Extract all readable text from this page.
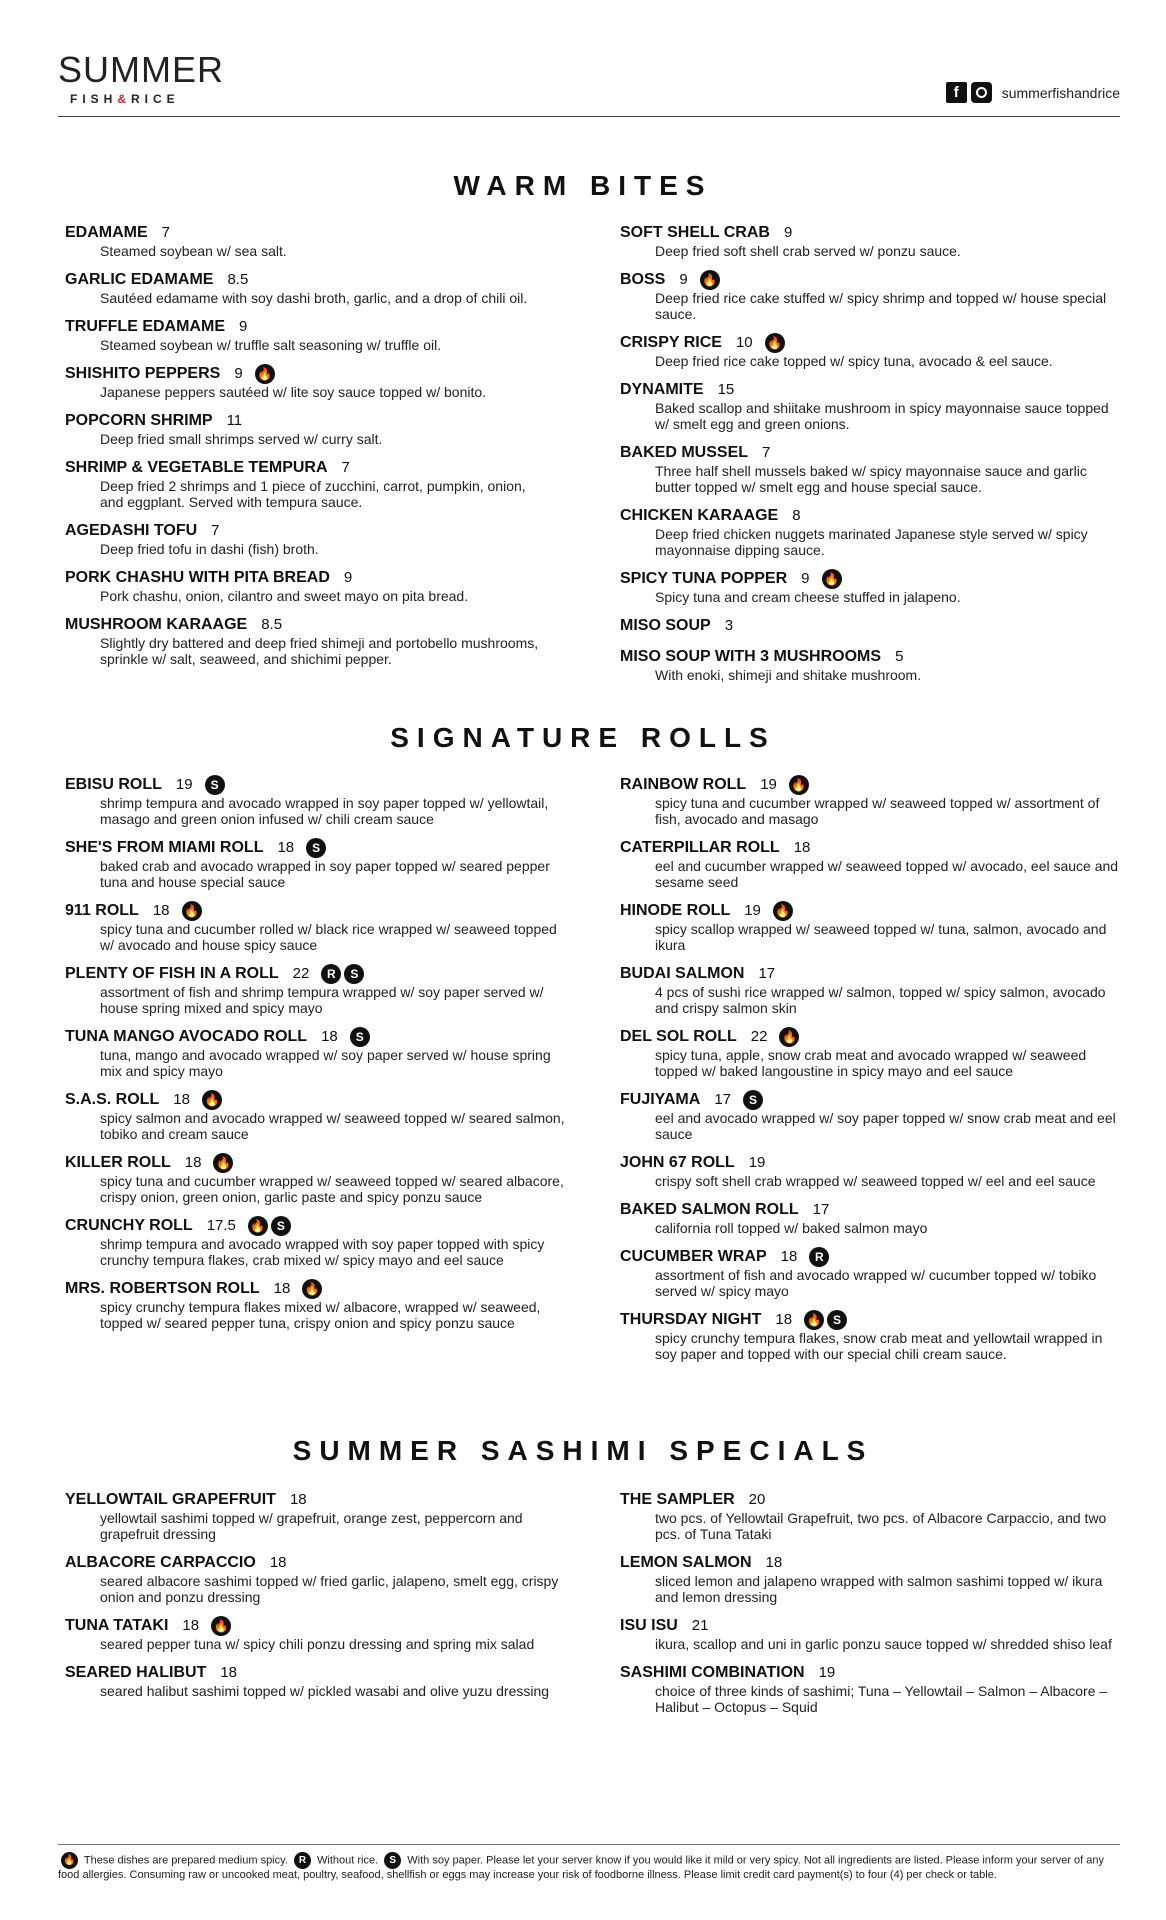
SUMMER
FISH&RICE	f	summerfishandrice
WARM BITES
EDAMAME 7
Steamed soybean w/ sea salt.
GARLIC EDAMAME 8.5
Sautéed edamame with soy dashi broth, garlic, and a drop of chili oil.
TRUFFLE EDAMAME 9
Steamed soybean w/ truffle salt seasoning w/ truffle oil.
SHISHITO PEPPERS 9 🔥
Japanese peppers sautéed w/ lite soy sauce topped w/ bonito.
POPCORN SHRIMP 11
Deep fried small shrimps served w/ curry salt.
SHRIMP & VEGETABLE TEMPURA 7
Deep fried 2 shrimps and 1 piece of zucchini, carrot, pumpkin, onion, and eggplant. Served with tempura sauce.
AGEDASHI TOFU 7
Deep fried tofu in dashi (fish) broth.
PORK CHASHU WITH PITA BREAD 9
Pork chashu, onion, cilantro and sweet mayo on pita bread.
MUSHROOM KARAAGE 8.5
Slightly dry battered and deep fried shimeji and portobello mushrooms, sprinkle w/ salt, seaweed, and shichimi pepper.
SOFT SHELL CRAB 9
Deep fried soft shell crab served w/ ponzu sauce.
BOSS 9 🔥
Deep fried rice cake stuffed w/ spicy shrimp and topped w/ house special sauce.
CRISPY RICE 10 🔥
Deep fried rice cake topped w/ spicy tuna, avocado & eel sauce.
DYNAMITE 15
Baked scallop and shiitake mushroom in spicy mayonnaise sauce topped w/ smelt egg and green onions.
BAKED MUSSEL 7
Three half shell mussels baked w/ spicy mayonnaise sauce and garlic butter topped w/ smelt egg and house special sauce.
CHICKEN KARAAGE 8
Deep fried chicken nuggets marinated Japanese style served w/ spicy mayonnaise dipping sauce.
SPICY TUNA POPPER 9 🔥
Spicy tuna and cream cheese stuffed in jalapeno.
MISO SOUP 3
MISO SOUP WITH 3 MUSHROOMS 5
With enoki, shimeji and shitake mushroom.
SIGNATURE ROLLS
EBISU ROLL 19	S
shrimp tempura and avocado wrapped in soy paper topped w/ yellowtail, masago and green onion infused w/ chili cream sauce
SHE'S FROM MIAMI ROLL 18	S
baked crab and avocado wrapped in soy paper topped w/ seared pepper tuna and house special sauce
911 ROLL 18 🔥
spicy tuna and cucumber rolled w/ black rice wrapped w/ seaweed topped w/ avocado and house spicy sauce
PLENTY OF FISH IN A ROLL 22	R	S
assortment of fish and shrimp tempura wrapped w/ soy paper served w/ house spring mixed and spicy mayo
TUNA MANGO AVOCADO ROLL 18	S
tuna, mango and avocado wrapped w/ soy paper served w/ house spring mix and spicy mayo
S.A.S. ROLL 18 🔥
spicy salmon and avocado wrapped w/ seaweed topped w/ seared salmon, tobiko and cream sauce
KILLER ROLL 18 🔥
spicy tuna and cucumber wrapped w/ seaweed topped w/ seared albacore, crispy onion, green onion, garlic paste and spicy ponzu sauce
CRUNCHY ROLL 17.5 🔥 S
shrimp tempura and avocado wrapped with soy paper topped with spicy crunchy tempura flakes, crab mixed w/ spicy mayo and eel sauce
MRS. ROBERTSON ROLL 18 🔥
spicy crunchy tempura flakes mixed w/ albacore, wrapped w/ seaweed, topped w/ seared pepper tuna, crispy onion and spicy ponzu sauce
RAINBOW ROLL 19 🔥
spicy tuna and cucumber wrapped w/ seaweed topped w/ assortment of fish, avocado and masago
CATERPILLAR ROLL 18
eel and cucumber wrapped w/ seaweed topped w/ avocado, eel sauce and sesame seed
HINODE ROLL 19 🔥
spicy scallop wrapped w/ seaweed topped w/ tuna, salmon, avocado and ikura
BUDAI SALMON 17
4 pcs of sushi rice wrapped w/ salmon, topped w/ spicy salmon, avocado and crispy salmon skin
DEL SOL ROLL 22 🔥
spicy tuna, apple, snow crab meat and avocado wrapped w/ seaweed topped w/ baked langoustine in spicy mayo and eel sauce
FUJIYAMA 17	S
eel and avocado wrapped w/ soy paper topped w/ snow crab meat and eel sauce
JOHN 67 ROLL 19
crispy soft shell crab wrapped w/ seaweed topped w/ eel and eel sauce
BAKED SALMON ROLL 17
california roll topped w/ baked salmon mayo
CUCUMBER WRAP 18	R
assortment of fish and avocado wrapped w/ cucumber topped w/ tobiko served w/ spicy mayo
THURSDAY NIGHT 18 🔥 S
spicy crunchy tempura flakes, snow crab meat and yellowtail wrapped in soy paper and topped with our special chili cream sauce.
SUMMER SASHIMI SPECIALS
YELLOWTAIL GRAPEFRUIT 18
yellowtail sashimi topped w/ grapefruit, orange zest, peppercorn and grapefruit dressing
ALBACORE CARPACCIO 18
seared albacore sashimi topped w/ fried garlic, jalapeno, smelt egg, crispy onion and ponzu dressing
TUNA TATAKI 18 🔥
seared pepper tuna w/ spicy chili ponzu dressing and spring mix salad
SEARED HALIBUT 18
seared halibut sashimi topped w/ pickled wasabi and olive yuzu dressing
THE SAMPLER 20
two pcs. of Yellowtail Grapefruit, two pcs. of Albacore Carpaccio, and two pcs. of Tuna Tataki
LEMON SALMON 18
sliced lemon and jalapeno wrapped with salmon sashimi topped w/ ikura and lemon dressing
ISU ISU 21
ikura, scallop and uni in garlic ponzu sauce topped w/ shredded shiso leaf
SASHIMI COMBINATION 19
choice of three kinds of sashimi; Tuna – Yellowtail – Salmon – Albacore – Halibut – Octopus – Squid
🔥 These dishes are prepared medium spicy. R Without rice. S With soy paper. Please let your server know if you would like it mild or very spicy. Not all ingredients are listed. Please inform your server of any food allergies. Consuming raw or uncooked meat, poultry, seafood, shellfish or eggs may increase your risk of foodborne illness. Please limit credit card payment(s) to four (4) per check or table.
